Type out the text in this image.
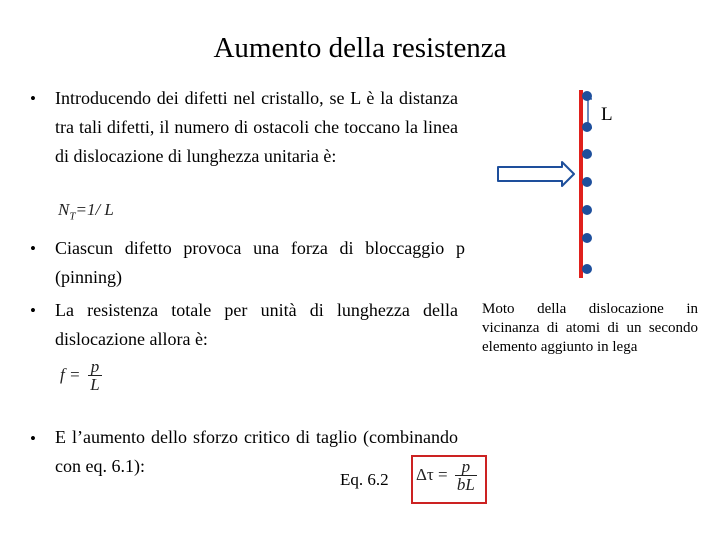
Aumento della resistenza
• Introducendo dei difetti nel cristallo, se L è la distanza tra tali difetti, il numero di ostacoli che toccano la linea di dislocazione di lunghezza unitaria è:
$N_T=1/$ L
• Ciascun difetto provoca una forza di bloccaggio p (pinning)
• La resistenza totale per unità di lunghezza della dislocazione allora è:
$f = \frac{p}{L}$
• E l’aumento dello sforzo critico di taglio (combinando con eq. 6.1):
Eq. 6.2 $\Delta\tau = \frac{p}{bL}$
L
Moto della dislocazione in vicinanza di atomi di un secondo elemento aggiunto in lega
